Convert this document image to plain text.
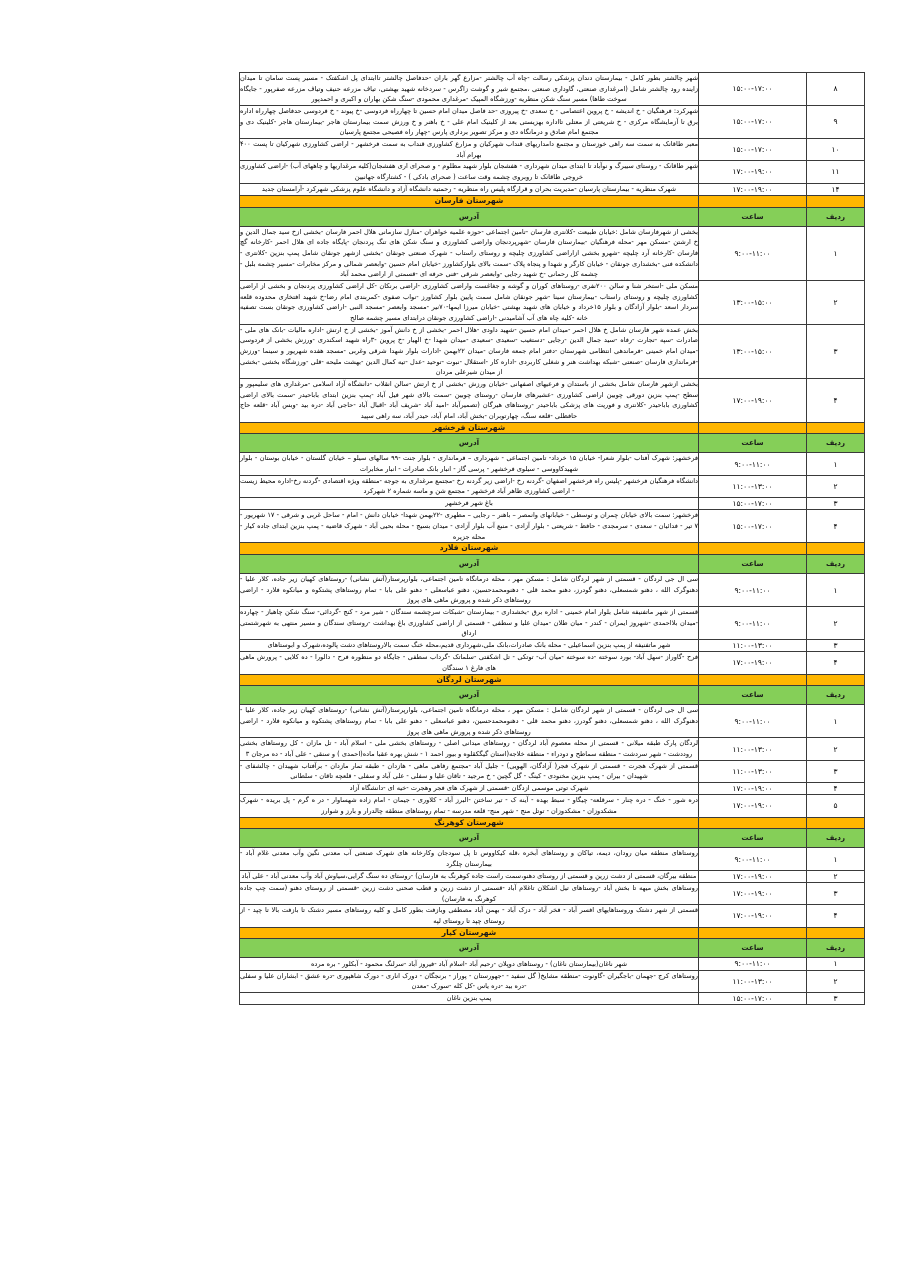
۸	۱۵:۰۰-۱۷:۰۰	شهر چالشتر بطور کامل - بیمارستان دندان پزشکی رسالت -چاه آب چالشتر -مزارع گهر باران -حدفاصل چالشتر تاابتدای پل اشکفتک - مسیر پست سامان تا میدان زاینده رود چالشتر شامل (امرغداری صنعتی، گاوداری صنعتی ،مجتمع شیر و گوشت زاگرس - سردخانه شهید بهشتی، تیاف مزرعه حنیف وتیاف مزرعه صفرپور - جایگاه سوخت طاها) مسیر سنگ شکن منظریه -ورزشگاه المپیک -مرغداری محمودی -سنگ شکن بهاران و اکبری و احمدپور
۹	۱۵:۰۰-۱۷:۰۰	شهرکرد: فرهنگیان - خ اندیشه - خ پروین اعتصامی - خ سعدی -خ پیروزی -حد فاصل میدان امام حسین تا چهارراه فردوسی -خ پیوند - خ فردوسی حدفاصل چهارراه اداره برق تا آزمایشگاه مرکزی - خ شریعتی از معتلی تااداره بهزیستی بعد از کلینیک امام علی - خ باهنر و خ ورزش سمت بیمارستان هاجر -بیمارستان هاجر -کلینیک دی و مجتمع امام صادق و درمانگاه دی و مرکز تصویر برداری پارس -چهار راه فصیحی مجتمع پارسیان
۱۰	۱۵:۰۰-۱۷:۰۰	معبر طاقانک به سمت سه راهی خوزستان و مجتمع دامداریهای قنداب شهرکیان و مزارع کشاورزی قنداب به سمت فرخشهر - اراضی کشاورزی شهرکیان تا پست ۴۰۰ بهرام آباد
۱۱	۱۷:۰۰-۱۹:۰۰	شهر طاقانک - روستای سیبرگ و نوآباد تا ابتدای میدان شهرداری - هفشجان بلوار شهید مظلوم - و صحرای اری هفشجان(کلیه مرغداریها و چاههای آب) -اراضی کشاورزی خروجی طاقانک تا روبروی چشمه وقت ساعت ( صحرای بادکی ) - کشتارگاه جهانبین
۱۴	۱۷:۰۰-۱۹:۰۰	شهرک منظریه - بیمارستان پارسیان -مدیریت بحران و قرارگاه پلیس راه منظریه - رحمتیه دانشگاه آزاد و دانشگاه علوم پزشکی شهرکرد -آرامستان جدید
		شهرستان فارسان
ردیف	ساعت	آدرس
۱	۹:۰۰-۱۱:۰۰	بخشی از شهرفارسان شامل :خیابان طبیعت -کلانتری فارسان -تامین اجتماعی -حوزه علمیه خواهران -منازل سازمانی هلال احمر فارسان -بخشی ازخ سید جمال الدین و خ ارشتن -مسکن مهر -محله فرهنگیان -بیمارستان فارسان -شهرپردنجان واراضی کشاورزی و سنگ شکن های تنگ پردنجان -پایگاه جاده ای هلال احمر -کارخانه گچ فارسان -کارخانه آرد چلیچه -شهرو بخشی ازاراضی کشاورزی چلیچه و روستای راستاب - شهرک صنعتی جونقان -بخشی ازشهر جونقان شامل پمپ بنزین -کلانتری - دانشکده فنی -بخشداری جونقان - خیابان کارگر و شهدا و پنجاه پلاک -سمت بالای بلوارکشاورز -خیابان امام حسین -وابعصر شمالی و مرکز مخابرات -مسیر چشمه بلبل - چشمه کل رحمانی -خ شهید رجایی -وابعصر شرقی -فنی حرفه ای -قسمتی از اراضی محمد آباد
۲	۱۳:۰۰-۱۵:۰۰	مسکن ملی -استخر شنا و سالن ۲۰۰نفری -روستاهای کوران و گوشه و جغاغست واراضی کشاورزی -اراضی برنکان -کل اراضی کشاورزی پردنجان و بخشی از اراضی کشاورزی چلیچه و روستای راستاب -بیمارستان سینا -شهر جونقان شامل سمت پایین بلوار کشاورز -نواب صفوی -کمربندی امام رضا-خ شهید افتخاری محدوده قلعه سردار اسعد -بلوار آزادگان و بلوار ۱۵خرداد و خیابان های شهید بهشتی -خیابان میرزا ایمها-۷۰نیر -مسجد وابعصر -مسجد النبی -اراضی کشاورزی جونقان بست تصفیه خانه -کلیه چاه های آب آشامیدنی -اراضی کشاورزی جونقان درابتدای مسیر چشمه صالح
۳	۱۳:۰۰-۱۵:۰۰	بخش عمده شهر فارسان شامل خ هلال احمر -میدان امام حسین -شهید داودی -هلال احمر -بخشی از خ دانش آموز -بخشی از خ ارتش -اداره مالیات -بانک های ملی - صادرات -سپه -تجارت -رفاه -سید جمال الدین -رجایی -دستغیب -سعیدی -سعیدی -میدان شهدا -خ الهیار -خ پروین -۳راه شهید اسکندری -ورزش بخشی از فردوسی -میدان امام خمینی -فرماندهی انتظامی شهرستان -دفتر امام جمعه فارسان -میدان ۲۲بهمن -ادارات بلوار شهدا شرقی وغربی -مسجد هفده شهریور و سینما -ورزش -فرمانداری فارسان -صنعتی -شبکه بهداشت هنر و شغلی کاربردی -اداره کار -استقلال -نبوت -توحید -عدل -تیه کمال الدین -بهشت ملیحه -قلی -ورزشگاه بخشی -بخشی از میدان شیرعلی مردان
۴	۱۷:۰۰-۱۹:۰۰	بخشی ازشهر فارسان شامل بخشی از باستدان و فرعیهای اصفهانی -خیابان ورزش -بخشی از خ ارتش -سالن انقلاب -دانشگاه آزاد اسلامی -مرغداری های سلیمپور و سطح -پمپ بنزین دورقی چوبین اراضی کشاورزی -عشیرهای فارسان -روستای چوبین -سمت بالای شهر فیل آباد -پمپ بنزین ابتدای باباحیدر -سمت بالای اراضی کشاورزی باباحیدر -کلانتری و فوریت های پزشکی باباحیدر -روستاهای هیرگان (تصمیرآباد -امید آباد -شریف آباد -اقبال آباد -حاجی آباد -دره بید -وبس آباد -قلعه حاج حافظلی -قلعه سنگ، چهارتوبران -بخش آباد، امام آباد، حیدر آباد، سه راهی سپید
		شهرستان فرخشهر
ردیف	ساعت	آدرس
۱	۹:۰۰-۱۱:۰۰	فرخشهر: شهرک آفتاب -بلوار شعرا- خیابان ۱۵ خرداد- تامین اجتماعی - شهرداری – فرمانداری - بلوار جنت -۹۹ سالهای سیلو – خیابان گلستان - خیابان بوستان - بلوار شهیدکاووسی - سیلوی فرخشهر - پرسی گاز - انبار بانک صادرات - انبار مخابرات
۲	۱۱:۰۰-۱۳:۰۰	دانشگاه فرهنگیان فرخشهر -پلیس راه فرخشهر اصفهان -گردنه رخ -اراضی زیر گردنه رخ -مجتمع مرغداری به جوجه -منطقه ویژه اقتصادی -گردنه رخ-اداره محیط زیست - اراضی کشاورزی ظاهر آباد فرخشهر - مجتمع شن و ماسه شماره ۲ شهرکرد
۳	۱۵:۰۰-۱۷:۰۰	باغ شهر فرخشهر
۴	۱۵:۰۰-۱۷:۰۰	فرخشهر: سمت بالای خیابان چمران و توسطی - خیابانهای وانمصر – باهنر – رجایی – مطهری -۲۲بهمن شهدا- خیابان دانش - امام - ساحل غربی و شرقی - ۱۷ شهریور - ۷ تیر - فدائیان - سعدی - سرمجدی - حافظ - شریعتی - بلوار آزادی - منبع آب بلوار آزادی - میدان بسیج - محله بحیی آباد - شهرک قاضیه - پمپ بنزین ابتدای جاده کیار - محله جزیره
		شهرستان فلارد
ردیف	ساعت	آدرس
۱	۹:۰۰-۱۱:۰۰	سی ال جی لردگان - قسمتی از شهر لردگان شامل : مسکن مهر ، محله درمانگاه تامین اجتماعی، بلوارپرستار(آتش نشانی) -روستاهای کهیان زیر جاده، کلار علیا - دهنوگرک الله ، دهنو شمسعلی، دهنو گودرز، دهنو محمد قلی - دهنومحمدحسین، دهنو عباسعلی - دهنو علی بابا - تمام روستاهای پشتکوه و میانکوه فلارد - اراضی روستاهای ذکر شده و پرورش ماهی های پروژ
۲	۹:۰۰-۱۱:۰۰	قسمتی از شهر ماتفنیفه شامل بلوار امام خمینی - اداره برق -بخشداری - بیمارستان -شبکات سرچشمه سندگان - شیر مرد - کنج -گردائی- سنگ شکن چاهباز - چهارده -میدان بلااحمدی -شهروز ایمران - کندر - میان طلان -میدان علیا و سطفی - قسمتی از اراضی کشاورزی باغ بهداشت -روستای سندگان و مسیر منتهی به شهرشتمتی ارداق
۳	۱۱:۰۰-۱۳:۰۰	شهر ماتفنیفه از پمپ بنزین اسماعیلی - محله بانک صادرات،بانک ملی،شهرداری قدیم،محله خنگ سمت بالاروستاهای دشت پالوده،شهرک و ابوستاهای
۴	۱۷:۰۰-۱۹:۰۰	فرح -گاوراز -سهل آباد- بورد سوخته -ده سوخته -میان آب- توتکی - تل اشکفتی -سلماتک -گرداب سطفی - جایگاه دو منظوره فرح - دالورا - ده کلایی - پرورش ماهی های فارغ ۱ سندگان
		شهرستان لردگان
ردیف	ساعت	آدرس
۱	۹:۰۰-۱۱:۰۰	سی ال جی لردگان - قسمتی از شهر لردگان شامل : مسکن مهر ، محله درمانگاه تامین اجتماعی، بلوارپرستار(آتش نشانی) -روستاهای کهیان زیر جاده، کلار علیا - دهنوگرک الله ، دهنو شمسعلی، دهنو گودرز، دهنو محمد قلی - دهنومحمدحسین، دهنو عباسعلی - دهنو علی بابا - تمام روستاهای پشتکوه و میانکوه فلارد - اراضی روستاهای ذکر شده و پرورش ماهی های پروژ
۲	۱۱:۰۰-۱۳:۰۰	لردگان پارک طبقه میلانی - قسمتی از محله معصوم آباد لردگان - روستاهای میدانی اصلی - روستاهای بخشی ملی - اسلام آباد - تل مازان - کل روستاهای بخشی روددشت - شهر سردشت - منطقه سماطح و دودراء - منطقه خلاجه(استان گیگکقلوه و بیور احمد ۱ - شش بهره عقبا ماده(احمدی ) و سنقی - علی آباد - ده مرجان ۳
۳	۱۱:۰۰-۱۳:۰۰	قسمتی از شهرک هجرت - قسمتی از شهرک فجر( آزادگان، الهویی) - جلیل آباد -مجتمع رفاهی ماهی - هازدان - طبقه تمار مازدان - برآفتاب شهیدان - چالشفای - شهیدان - بیران - پمپ بنزین مخنودی - کینگ - گل گچین - خ مرجید - تاقان علیا و سفلی - علی آباد و سفلی - قلعچه تاقان - سلطانی
۴	۱۷:۰۰-۱۹:۰۰	شهرک توتی موسمی ازدگان -قسمتی از شهرک های فجر وهجرت -خیه ای -دانشگاه آزاد
۵	۱۷:۰۰-۱۹:۰۰	دره شور - خنگ - دره چنار - سرقلعه- چیگاو - سبط بهده - آینه ک - تیر ساختن -البرز آباد - کلاوری - جیمان - امام زاده شهساوار - در ه گرم - پل بریده - شهرک مشکدوزان - مشکدوزان - توتل منج - شهر منج- قلعه مدرسه - تمام روستاهای منطقه چالدرار و بارز و شوارز
		شهرستان کوهرنگ
ردیف	ساعت	آدرس
۱	۹:۰۰-۱۱:۰۰	روستاهای منطقه میان رودان، دیمه، تیاکان و روستاهای آبخره ،قله کیکاووس تا پل سودجان وکارخانه های شهرک صنعتی آب معدنی نگین وآب معدنی غلام آباد - بیمارستان چلگرد
۲	۱۷:۰۰-۱۹:۰۰	منطقه بیرگان، قسمتی از دشت زرین و قسمتی از روستای دهنو،سمت راست جاده کوهرنگ به فارسان) -روستای ده سنگ گرایی،سیاوش آباد وآب معدنی آباد - علی آباد
۳	۱۷:۰۰-۱۹:۰۰	روستاهای بخش میهه تا بخش آباد -روستاهای تیل اشکلان تاغلام آباد -قسمتی از دشت زرین و قطب صحنی دشت زرین -قسمتی از روستای دهنو (سمت چپ جاده کوهرنگ به فارسان)
۴	۱۷:۰۰-۱۹:۰۰	قسمتی از شهر دشتک وروستاهایهای افسر آباد - فخر آباد - دزک آباد - بهمن آباد مصطفی وبازفت بطور کامل و کلیه روستاهای مسیر دشتک تا بازفت بالا تا چپد - از روستای چپد تا روستای لپه
		شهرستان کیار
ردیف	ساعت	آدرس
۱	۹:۰۰-۱۱:۰۰	شهر ناغان(بیمارستان ناغان) - روستاهای دوپلان -رحیم آباد -اسلام آباد -فیروز آباد -سرلنگ محمود - آبکلور - بره مرده
۲	۱۱:۰۰-۱۳:۰۰	روستاهای کرج -جهمان -باجگیران -گاونوت -منطقه مشایخ( گل سفید - -جهورستان - پوراز - برنجگان - دورک اناری - دورک شاهپوری -دره عشق - ابشاران علیا و سفلی -دره بید -دره یاس -کل کله -سورک -معدن
۳	۱۵:۰۰-۱۷:۰۰	پمپ بنزین ناغان
